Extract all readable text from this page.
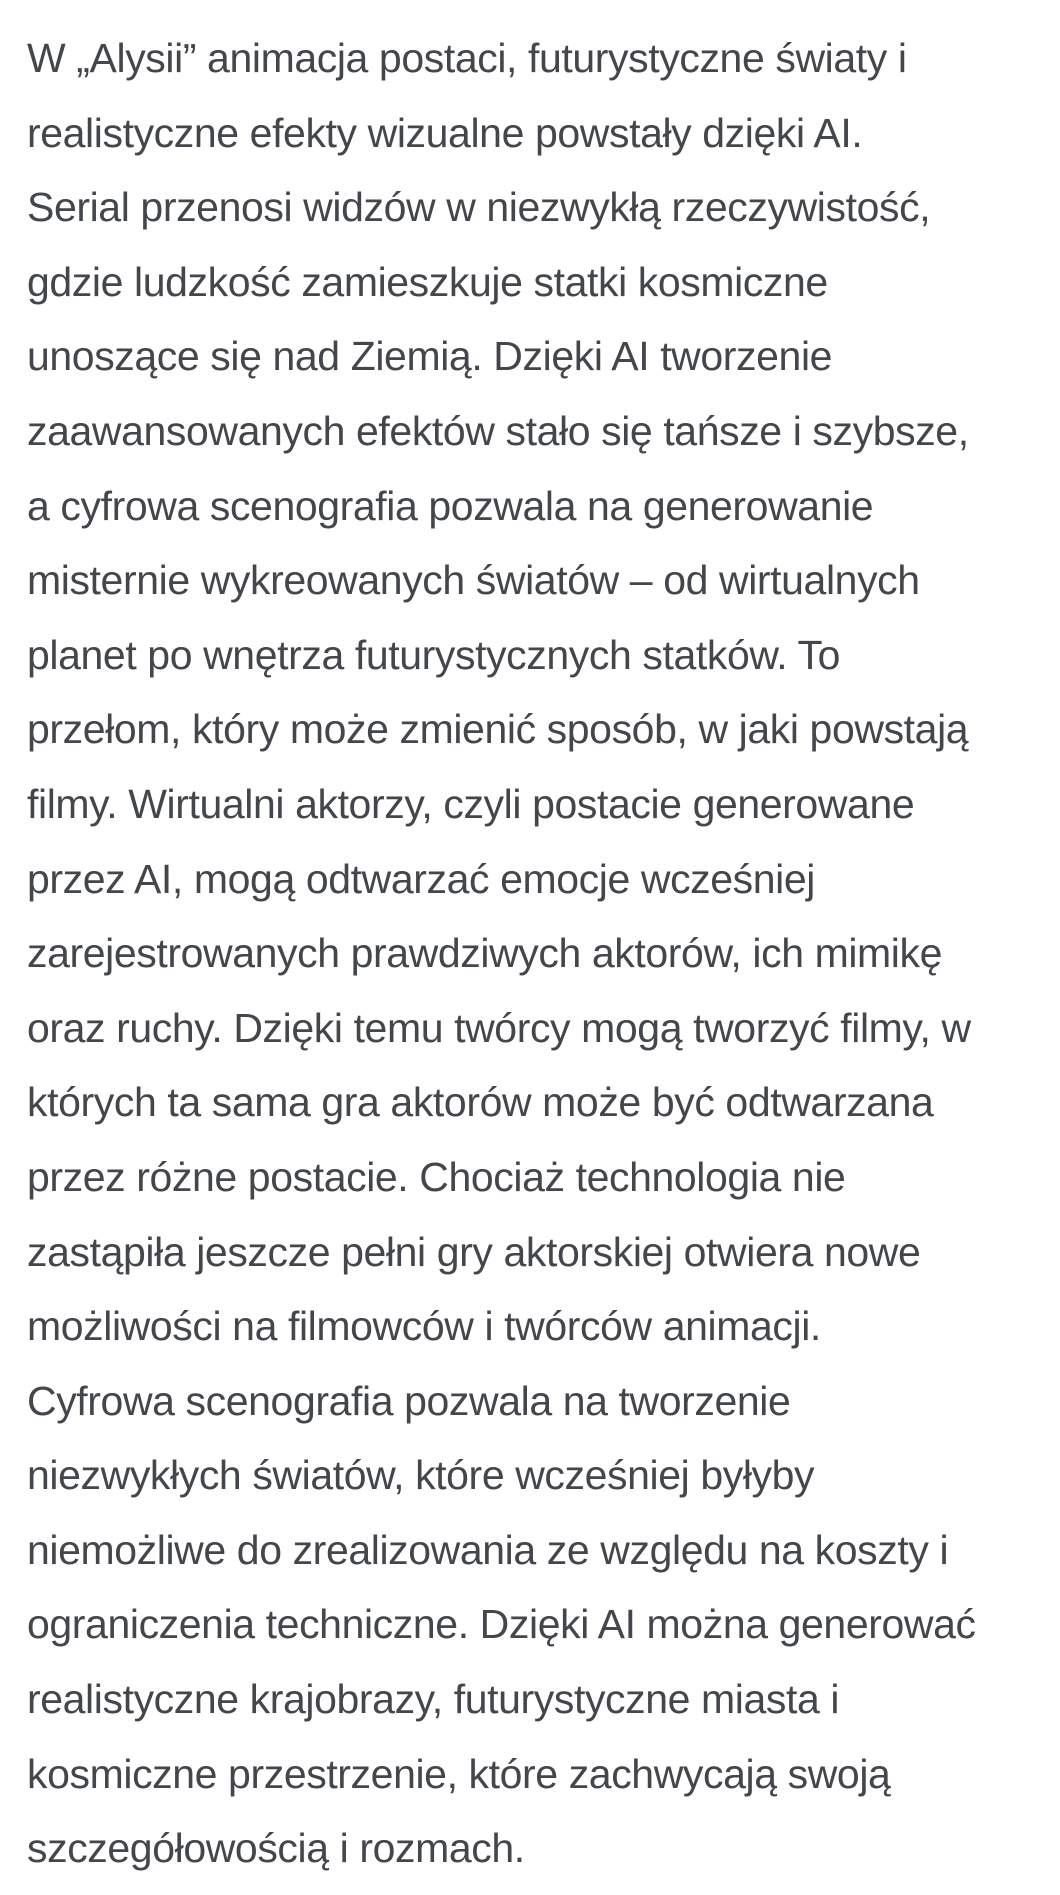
W „Alysii” animacja postaci, futurystyczne światy i
realistyczne efekty wizualne powstały dzięki AI.
Serial przenosi widzów w niezwykłą rzeczywistość,
gdzie ludzkość zamieszkuje statki kosmiczne
unoszące się nad Ziemią. Dzięki AI tworzenie
zaawansowanych efektów stało się tańsze i szybsze,
a cyfrowa scenografia pozwala na generowanie
misternie wykreowanych światów – od wirtualnych
planet po wnętrza futurystycznych statków. To
przełom, który może zmienić sposób, w jaki powstają
filmy. Wirtualni aktorzy, czyli postacie generowane
przez AI, mogą odtwarzać emocje wcześniej
zarejestrowanych prawdziwych aktorów, ich mimikę
oraz ruchy. Dzięki temu twórcy mogą tworzyć filmy, w
których ta sama gra aktorów może być odtwarzana
przez różne postacie. Chociaż technologia nie
zastąpiła jeszcze pełni gry aktorskiej otwiera nowe
możliwości na filmowców i twórców animacji.
Cyfrowa scenografia pozwala na tworzenie
niezwykłych światów, które wcześniej byłyby
niemożliwe do zrealizowania ze względu na koszty i
ograniczenia techniczne. Dzięki AI można generować
realistyczne krajobrazy, futurystyczne miasta i
kosmiczne przestrzenie, które zachwycają swoją
szczegółowością i rozmach.
